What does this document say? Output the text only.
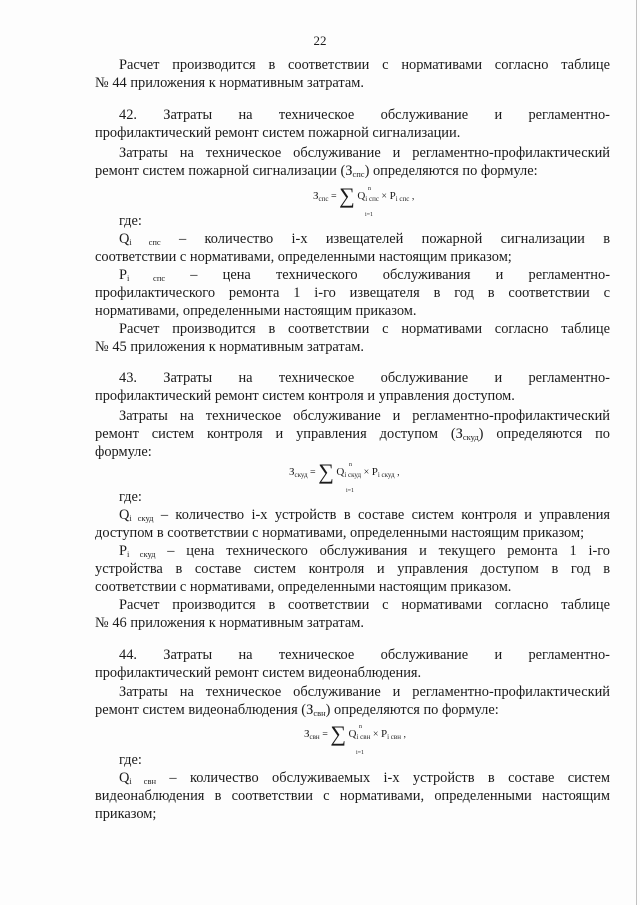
22
Расчет производится в соответствии с нормативами согласно таблице
№ 44 приложения к нормативным затратам.
42. Затраты на техническое обслуживание и регламентно-
профилактический ремонт систем пожарной сигнализации.
Затраты на техническое обслуживание и регламентно-профилактический
ремонт систем пожарной сигнализации (Зспс) определяются по формуле:
$З_{спс}$ = ∑ n
i=1
$Q_{i спс} \times P_{i спс}$ ,
где:
Qi спс – количество i-x извещателей пожарной сигнализации в
соответствии с нормативами, определенными настоящим приказом;
Pi спс – цена технического обслуживания и регламентно-
профилактического ремонта 1 i-го извещателя в год в соответствии с
нормативами, определенными настоящим приказом.
Расчет производится в соответствии с нормативами согласно таблице
№ 45 приложения к нормативным затратам.
43. Затраты на техническое обслуживание и регламентно-
профилактический ремонт систем контроля и управления доступом.
Затраты на техническое обслуживание и регламентно-профилактический
ремонт систем контроля и управления доступом (Зскуд) определяются по
формуле:
$З_{скуд}$ = ∑	n
i=1
$Q_{i скуд} \times P_{i скуд}$ ,
где:
Qi скуд – количество i-x устройств в составе систем контроля и управления
доступом в соответствии с нормативами, определенными настоящим приказом;
Pi скуд – цена технического обслуживания и текущего ремонта 1 i-го
устройства в составе систем контроля и управления доступом в год в
соответствии с нормативами, определенными настоящим приказом.
Расчет производится в соответствии с нормативами согласно таблице
№ 46 приложения к нормативным затратам.
44. Затраты на техническое обслуживание и регламентно-
профилактический ремонт систем видеонаблюдения.
Затраты на техническое обслуживание и регламентно-профилактический
ремонт систем видеонаблюдения (Зсвн) определяются по формуле:
$З_{свн}$ = ∑ n
i=1
$Q_{i свн} \times P_{i свн}$ ,
где:
Qi свн – количество обслуживаемых i-x устройств в составе систем
видеонаблюдения в соответствии с нормативами, определенными настоящим
приказом;
